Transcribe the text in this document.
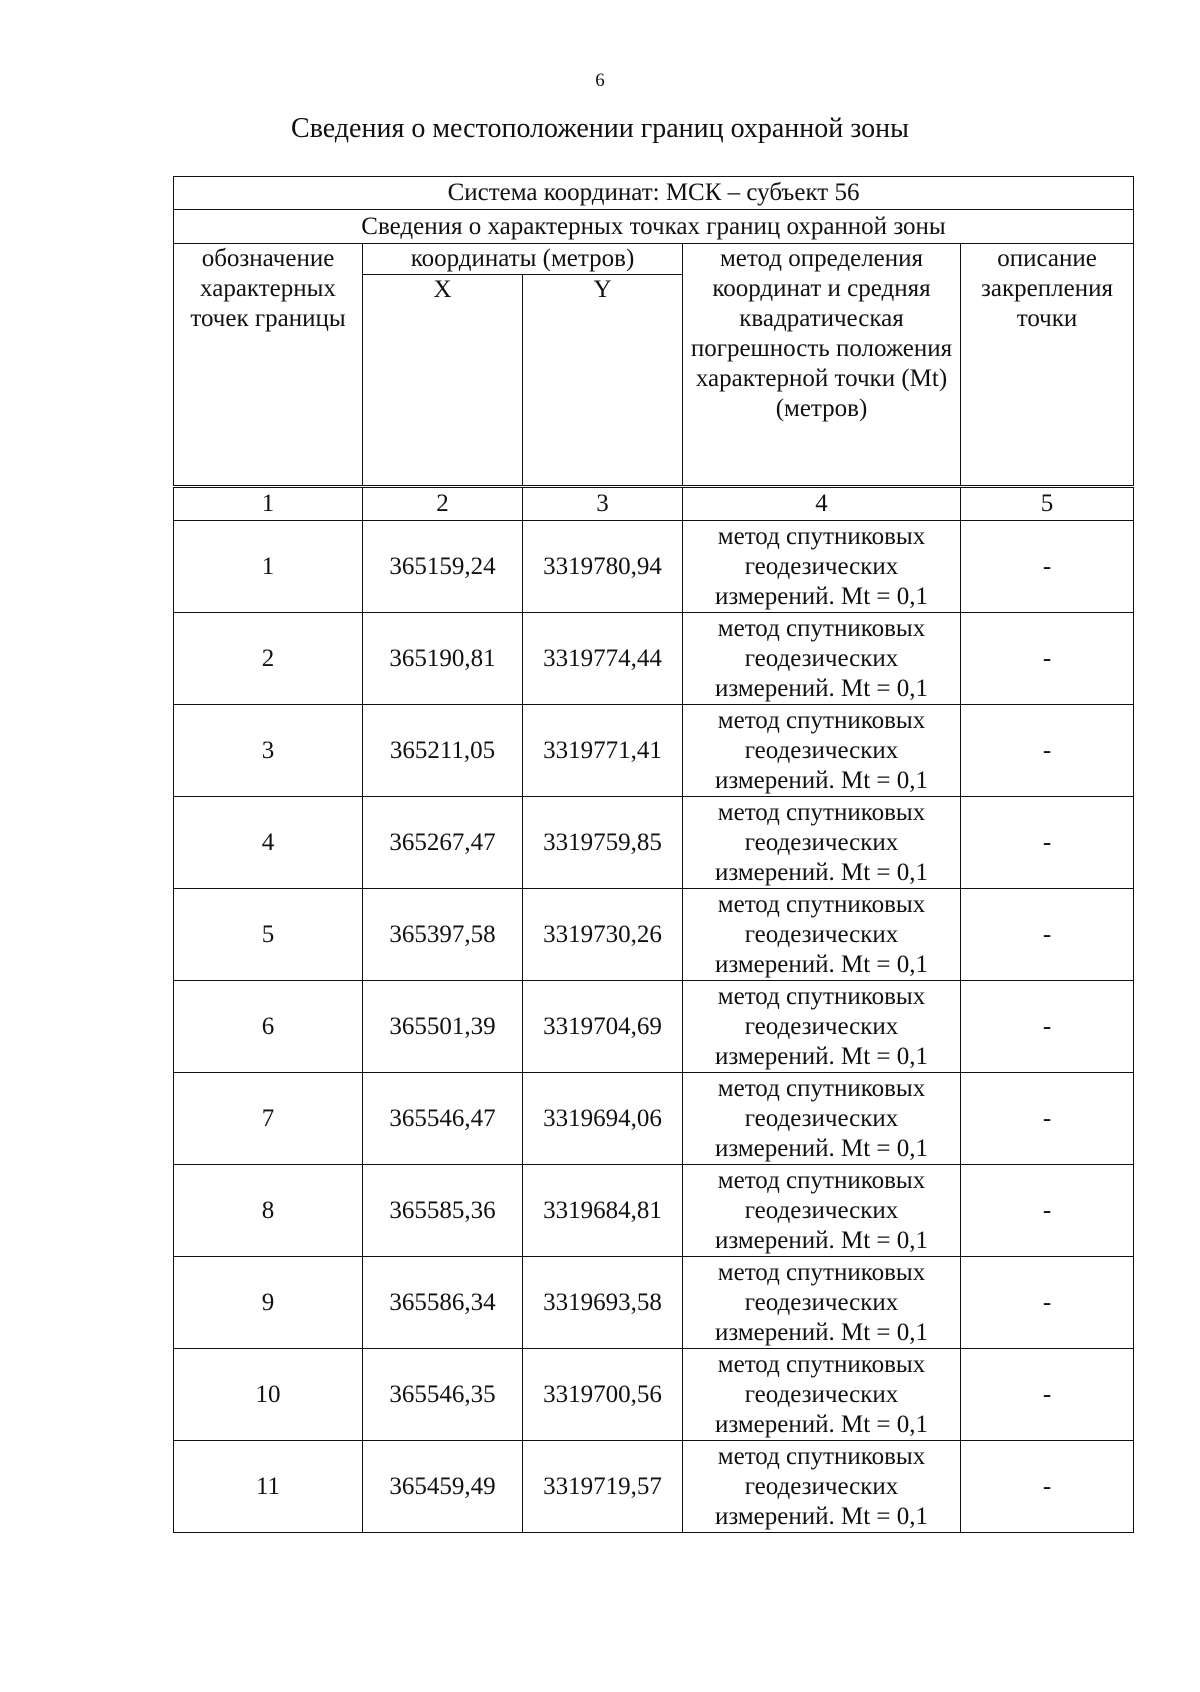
6
Сведения о местоположении границ охранной зоны
Система координат: МСК – субъект 56				
Сведения о характерных точках границ охранной зоны				
обозначение характерных точек границы	координаты (метров)		метод определения координат и средняя квадратическая погрешность положения характерной точки (Mt) (метров)	описание закрепления точки
	X	Y		
1	2	3	4	5
1	365159,24	3319780,94	метод спутниковых геодезических измерений. Mt = 0,1	-
2	365190,81	3319774,44	метод спутниковых геодезических измерений. Mt = 0,1	-
3	365211,05	3319771,41	метод спутниковых геодезических измерений. Mt = 0,1	-
4	365267,47	3319759,85	метод спутниковых геодезических измерений. Mt = 0,1	-
5	365397,58	3319730,26	метод спутниковых геодезических измерений. Mt = 0,1	-
6	365501,39	3319704,69	метод спутниковых геодезических измерений. Mt = 0,1	-
7	365546,47	3319694,06	метод спутниковых геодезических измерений. Mt = 0,1	-
8	365585,36	3319684,81	метод спутниковых геодезических измерений. Mt = 0,1	-
9	365586,34	3319693,58	метод спутниковых геодезических измерений. Mt = 0,1	-
10	365546,35	3319700,56	метод спутниковых геодезических измерений. Mt = 0,1	-
11	365459,49	3319719,57	метод спутниковых геодезических измерений. Mt = 0,1	-
